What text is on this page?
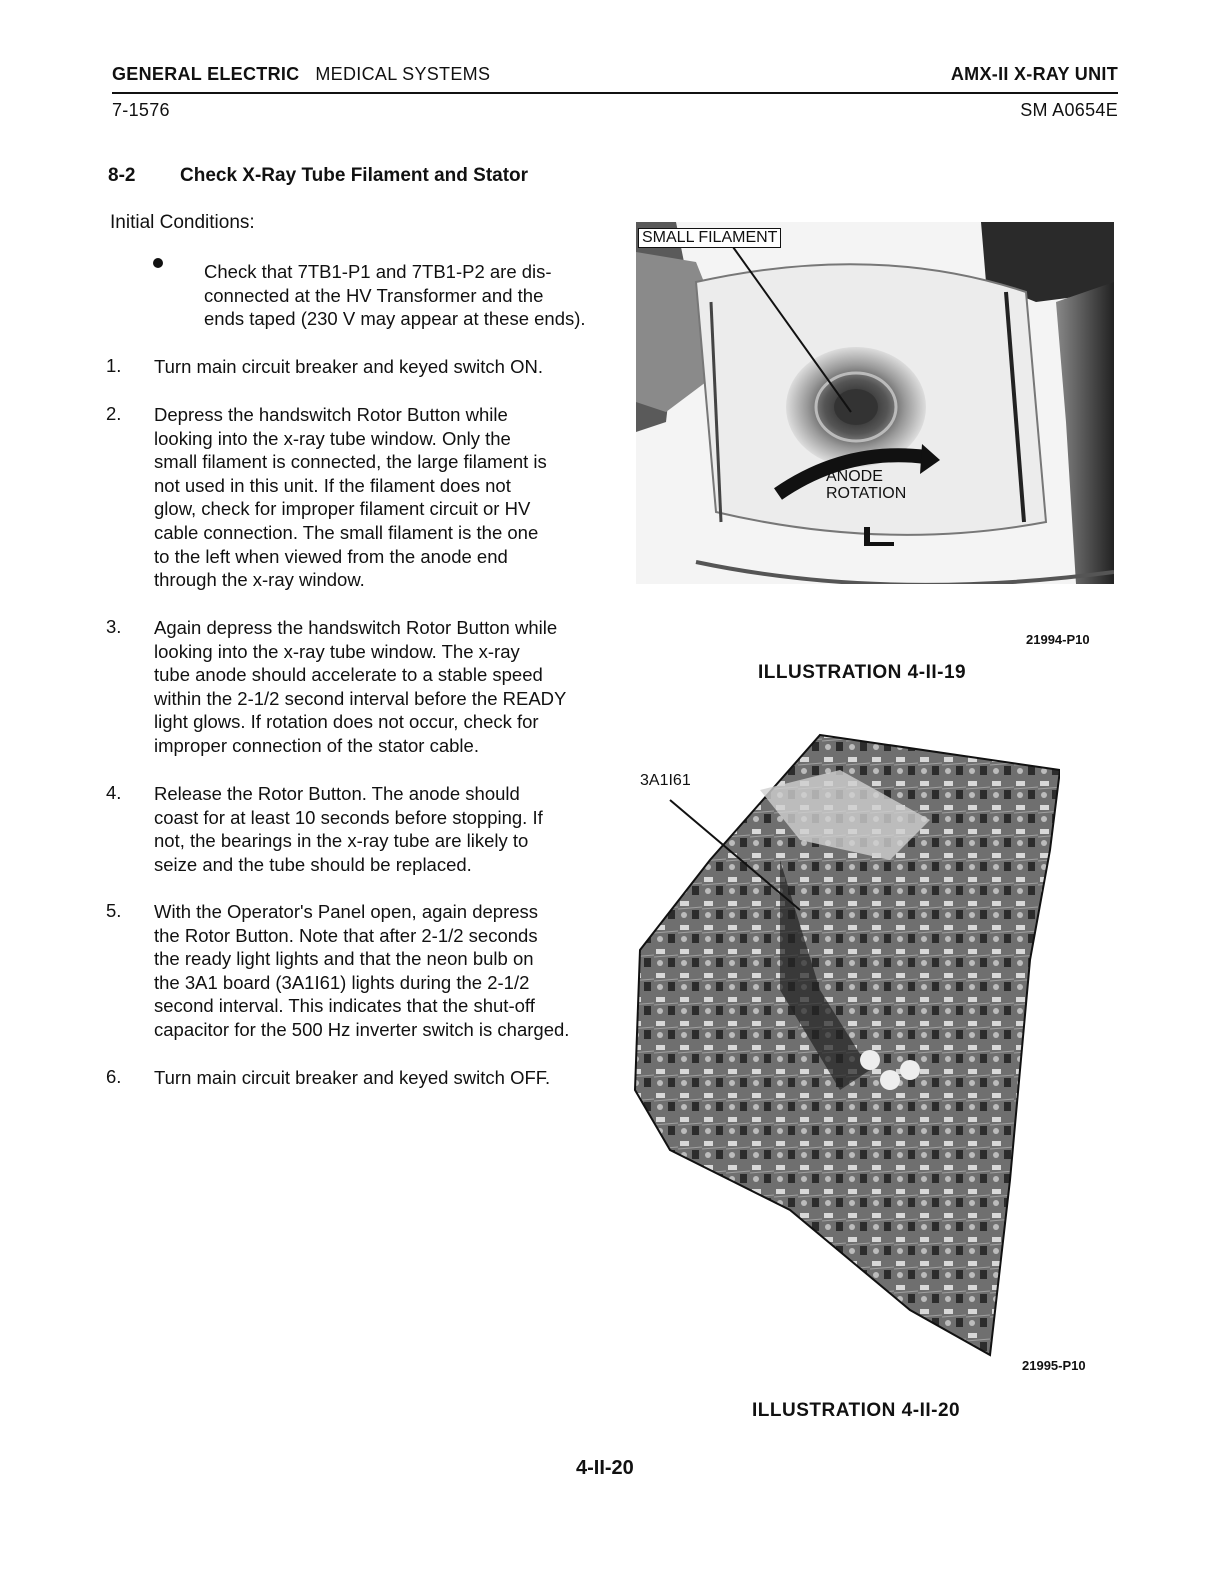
GENERAL ELECTRIC MEDICAL SYSTEMS	AMX-II X-RAY UNIT
7-1576	SM A0654E
8-2 Check X-Ray Tube Filament and Stator
Initial Conditions:
Check that 7TB1-P1 and 7TB1-P2 are dis-
connected at the HV Transformer and the
ends taped (230 V may appear at these ends).
1. Turn main circuit breaker and keyed switch ON.
2. Depress the handswitch Rotor Button while
looking into the x-ray tube window. Only the
small filament is connected, the large filament is
not used in this unit. If the filament does not
glow, check for improper filament circuit or HV
cable connection. The small filament is the one
to the left when viewed from the anode end
through the x-ray window.
3. Again depress the handswitch Rotor Button while
looking into the x-ray tube window. The x-ray
tube anode should accelerate to a stable speed
within the 2-1/2 second interval before the READY
light glows. If rotation does not occur, check for
improper connection of the stator cable.
4. Release the Rotor Button. The anode should
coast for at least 10 seconds before stopping. If
not, the bearings in the x-ray tube are likely to
seize and the tube should be replaced.
5. With the Operator's Panel open, again depress
the Rotor Button. Note that after 2-1/2 seconds
the ready light lights and that the neon bulb on
the 3A1 board (3A1I61) lights during the 2-1/2
second interval. This indicates that the shut-off
capacitor for the 500 Hz inverter switch is charged.
6. Turn main circuit breaker and keyed switch OFF.
SMALL FILAMENT
ANODE
ROTATION
21994-P10
ILLUSTRATION 4-II-19
3A1I61
21995-P10
ILLUSTRATION 4-II-20
4-II-20
